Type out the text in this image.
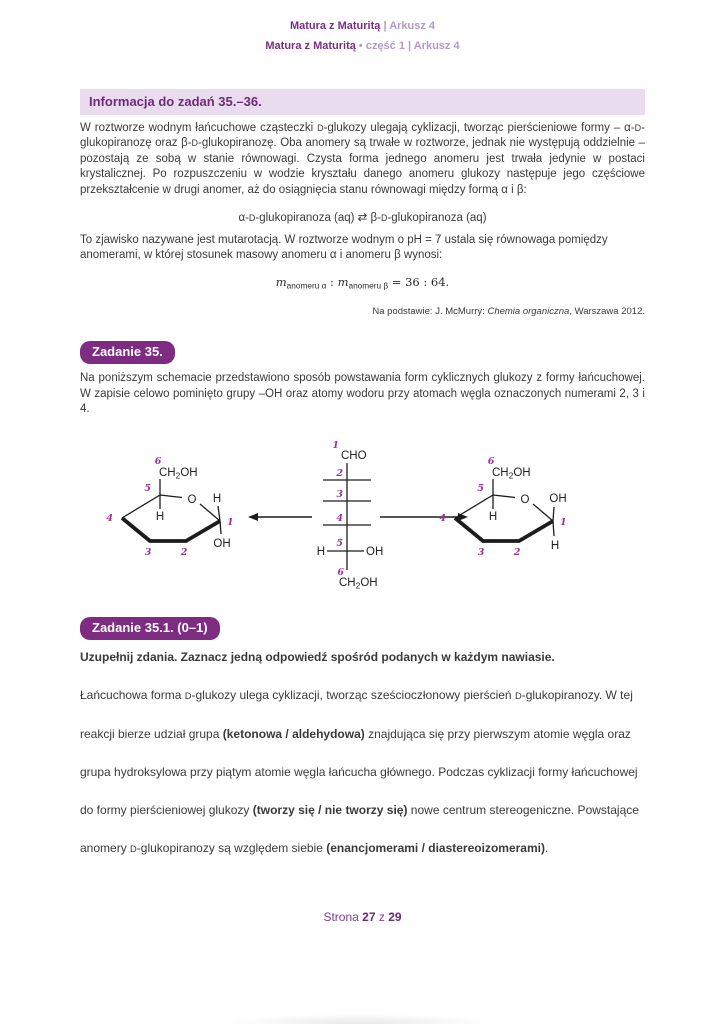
Matura z Maturitą | Arkusz 4
Matura z Maturitą • część 1 | Arkusz 4
Informacja do zadań 35.–36.

W roztworze wodnym łańcuchowe cząsteczki D-glukozy ulegają cyklizacji, tworząc pierścieniowe formy – α-D-glukopiranozę oraz β-D-glukopiranozę. Oba anomery są trwałe w roztworze, jednak nie występują oddzielnie – pozostają ze sobą w stanie równowagi. Czysta forma jednego anomeru jest trwała jedynie w postaci krystalicznej. Po rozpuszczeniu w wodzie kryształu danego anomeru glukozy następuje jego częściowe przekształcenie w drugi anomer, aż do osiągnięcia stanu równowagi między formą α i β:

α-D-glukopiranoza (aq) ⇄ β-D-glukopiranoza (aq)

To zjawisko nazywane jest mutarotacją. W roztworze wodnym o pH = 7 ustala się równowaga pomiędzy anomerami, w której stosunek masowy anomeru α i anomeru β wynosi:

$m_{anomeru \alpha}$ : $m_{anomeru \beta} = 36$ : 64.
Na podstawie: J. McMurry: Chemia organiczna, Warszawa 2012.
Zadanie 35.

Na poniższym schemacie przedstawiono sposób powstawania form cyklicznych glukozy z formy łańcuchowej. W zapisie celowo pominięto grupy –OH oraz atomy wodoru przy atomach węgla oznaczonych numerami 2, 3 i 4.

$CH_2OH$
O H
H
OH
6
5
4
3	2
1
1
CHO
2
3
4
5
H	OH
6
$CH_2OH$
$CH_2OH$
O OH
H
H
6
5
4
3	2
1
Zadanie 35.1. (0–1)

Uzupełnij zdania. Zaznacz jedną odpowiedź spośród podanych w każdym nawiasie.

Łańcuchowa forma D-glukozy ulega cyklizacji, tworząc sześcioczłonowy pierścień D-glukopiranozy. W tej reakcji bierze udział grupa (ketonowa / aldehydowa) znajdująca się przy pierwszym atomie węgla oraz grupa hydroksylowa przy piątym atomie węgla łańcucha głównego. Podczas cyklizacji formy łańcuchowej do formy pierścieniowej glukozy (tworzy się / nie tworzy się) nowe centrum stereogeniczne. Powstające anomery D-glukopiranozy są względem siebie (enancjomerami / diastereoizomerami).

Strona 27 z 29
